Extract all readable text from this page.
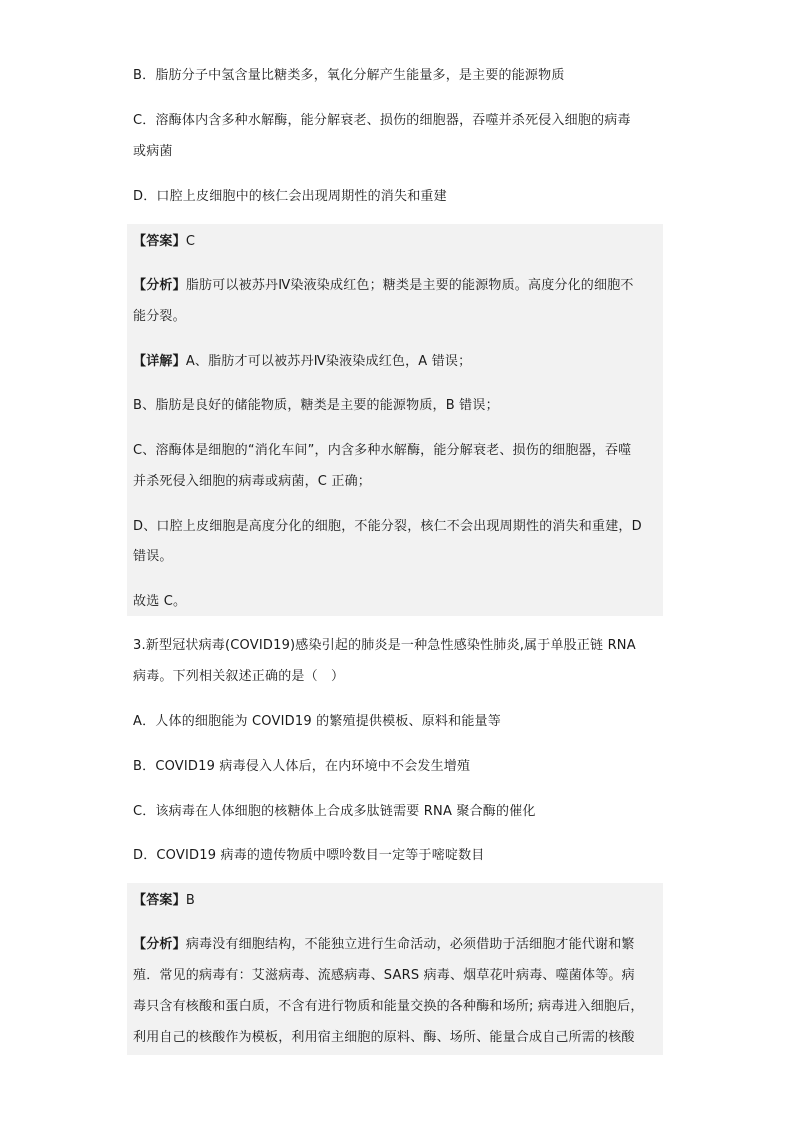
B．脂肪分子中氢含量比糖类多，氧化分解产生能量多，是主要的能源物质
C．溶酶体内含多种水解酶，能分解衰老、损伤的细胞器，吞噬并杀死侵入细胞的病毒
或病菌
D．口腔上皮细胞中的核仁会出现周期性的消失和重建
【答案】C
【分析】脂肪可以被苏丹Ⅳ染液染成红色；糖类是主要的能源物质。高度分化的细胞不
能分裂。
【详解】A、脂肪才可以被苏丹Ⅳ染液染成红色，A 错误；
B、脂肪是良好的储能物质，糖类是主要的能源物质，B 错误；
C、溶酶体是细胞的“消化车间”，内含多种水解酶，能分解衰老、损伤的细胞器，吞噬
并杀死侵入细胞的病毒或病菌，C 正确；
D、口腔上皮细胞是高度分化的细胞，不能分裂，核仁不会出现周期性的消失和重建，D
错误。
故选 C。
3.新型冠状病毒(COVID19)感染引起的肺炎是一种急性感染性肺炎,属于单股正链 RNA
病毒。下列相关叙述正确的是（　）
A．人体的细胞能为 COVID19 的繁殖提供模板、原料和能量等
B．COVID19 病毒侵入人体后，在内环境中不会发生增殖
C．该病毒在人体细胞的核糖体上合成多肽链需要 RNA 聚合酶的催化
D．COVID19 病毒的遗传物质中嘌呤数目一定等于嘧啶数目
【答案】B
【分析】病毒没有细胞结构，不能独立进行生命活动，必须借助于活细胞才能代谢和繁
殖．常见的病毒有：艾滋病毒、流感病毒、SARS 病毒、烟草花叶病毒、噬菌体等。病
毒只含有核酸和蛋白质，不含有进行物质和能量交换的各种酶和场所; 病毒进入细胞后，
利用自己的核酸作为模板，利用宿主细胞的原料、酶、场所、能量合成自己所需的核酸
